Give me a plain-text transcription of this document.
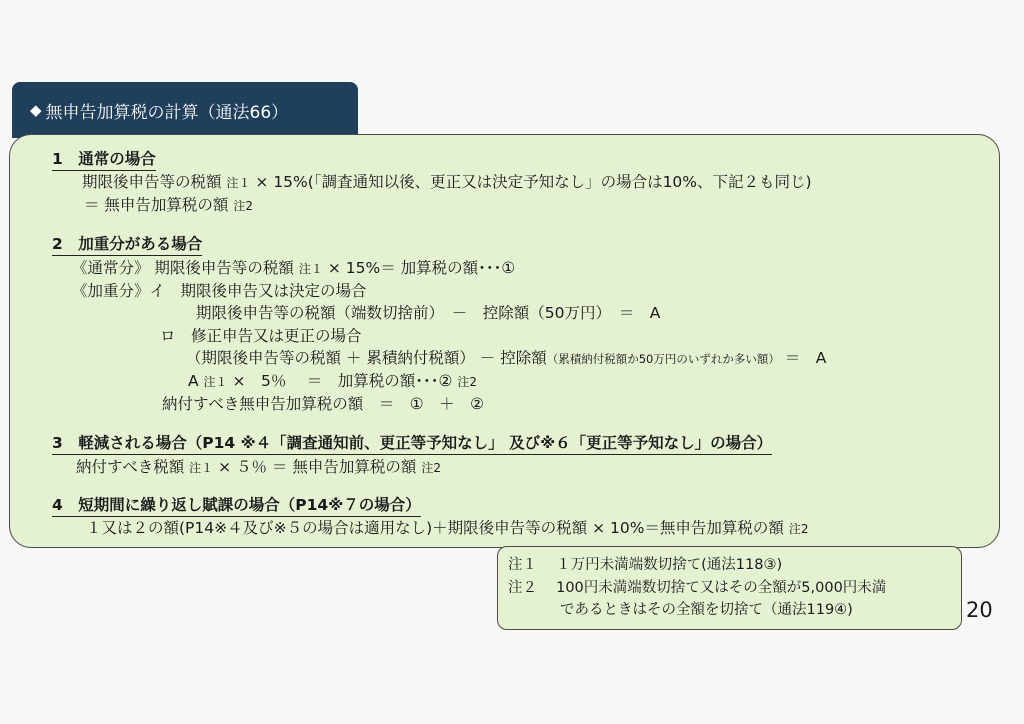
◆ 無申告加算税の計算（通法66）
1　通常の場合
期限後申告等の税額 注１ × 15%(「調査通知以後、更正又は決定予知なし」の場合は10%、下記２も同じ)
＝ 無申告加算税の額 注2
2　加重分がある場合
《通常分》 期限後申告等の税額 注１ × 15%＝ 加算税の額･･･①
《加重分》イ　期限後申告又は決定の場合
期限後申告等の税額（端数切捨前）　－　控除額（50万円）　＝　A
ロ　修正申告又は更正の場合
（期限後申告等の税額 ＋ 累積納付税額） － 控除額（累積納付税額か50万円のいずれか多い額） ＝　A
A 注１ ×　5％　 ＝　加算税の額･･･② 注2
納付すべき無申告加算税の額　＝　①　＋　②
3　軽減される場合（P14 ※４「調査通知前、更正等予知なし」 及び※６「更正等予知なし」の場合）
納付すべき税額 注１ × ５％ ＝ 無申告加算税の額 注2
4　短期間に繰り返し賦課の場合（P14※７の場合）
１又は２の額(P14※４及び※５の場合は適用なし)＋期限後申告等の税額 × 10%＝無申告加算税の額 注2
注１　 １万円未満端数切捨て(通法118③)
注２　 100円未満端数切捨て又はその全額が5,000円未満
であるときはその全額を切捨て（通法119④)	20
